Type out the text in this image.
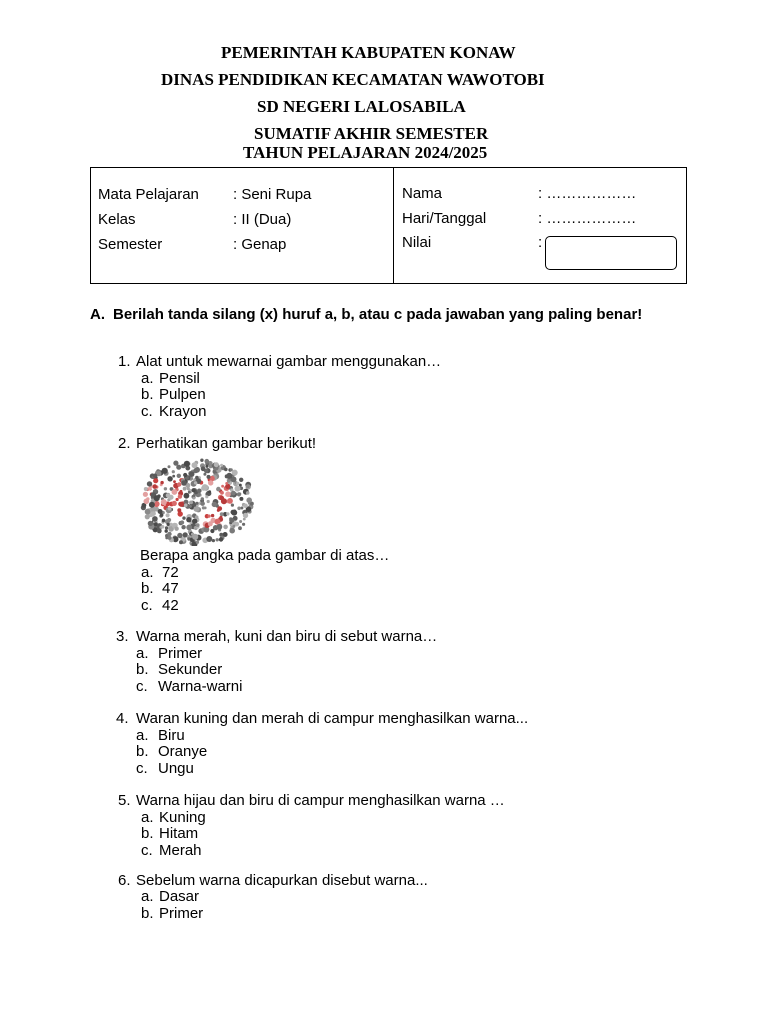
PEMERINTAH KABUPATEN KONAW
DINAS PENDIDIKAN KECAMATAN WAWOTOBI
SD NEGERI LALOSABILA
SUMATIF AKHIR SEMESTER
TAHUN PELAJARAN 2024/2025
Mata Pelajaran : Seni Rupa
Kelas	: II (Dua)
Semester	: Genap
Nama	: ………………
Hari/Tanggal	: ………………
Nilai	:
A. Berilah tanda silang (x) huruf a, b, atau c pada jawaban yang paling benar!
1. Alat untuk mewarnai gambar menggunakan…
a. Pensil
b. Pulpen
c. Krayon
2. Perhatikan gambar berikut!
Berapa angka pada gambar di atas…
a. 72
b. 47
c. 42
3. Warna merah, kuni dan biru di sebut warna…
a. Primer
b. Sekunder
c. Warna-warni
4. Waran kuning dan merah di campur menghasilkan warna...
a. Biru
b. Oranye
c. Ungu
5. Warna hijau dan biru di campur menghasilkan warna …
a. Kuning
b. Hitam
c. Merah
6. Sebelum warna dicapurkan disebut warna...
a. Dasar
b. Primer
